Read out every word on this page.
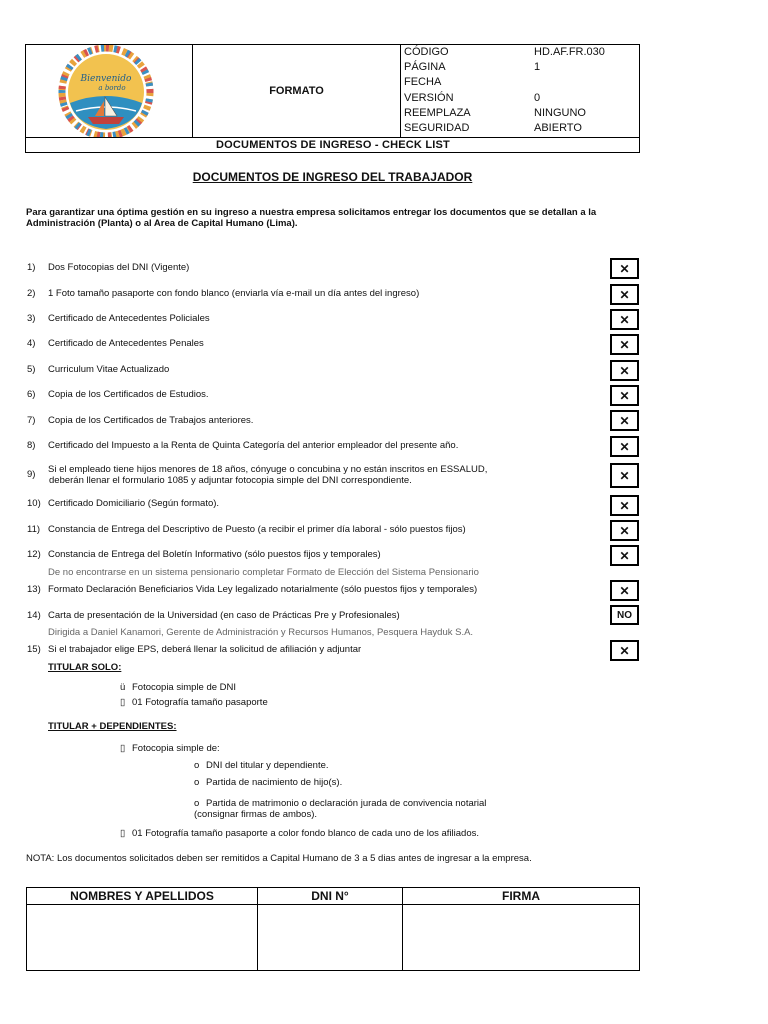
Bienvenido
a bordo	FORMATO
CÓDIGO	HD.AF.FR.030
PÁGINA	1
FECHA
VERSIÓN	0
REEMPLAZA	NINGUNO
SEGURIDAD	ABIERTO
DOCUMENTOS DE INGRESO - CHECK LIST
DOCUMENTOS DE INGRESO DEL TRABAJADOR
Para garantizar una óptima gestión en su ingreso a nuestra empresa solicitamos entregar los documentos que se detallan a la Administración (Planta) o al Area de Capital Humano (Lima).
1)	Dos Fotocopias del DNI (Vigente)	✕
2)	1 Foto tamaño pasaporte con fondo blanco (enviarla vía e-mail un día antes del ingreso)	✕
3)	Certificado de Antecedentes Policiales	✕
4)	Certificado de Antecedentes Penales	✕
5)	Curriculum Vitae Actualizado	✕
6)	Copia de los Certificados de Estudios.	✕
7)	Copia de los Certificados de Trabajos anteriores.	✕
8)	Certificado del Impuesto a la Renta de Quinta Categoría del anterior empleador del presente año.	✕
9)	Si el empleado tiene hijos menores de 18 años, cónyuge o concubina y no están inscritos en ESSALUD,
deberán llenar el formulario 1085 y adjuntar fotocopia simple del DNI correspondiente.	✕
10) Certificado Domiciliario (Según formato).	✕
11) Constancia de Entrega del Descriptivo de Puesto (a recibir el primer día laboral - sólo puestos fijos)	✕
12) Constancia de Entrega del Boletín Informativo (sólo puestos fijos y temporales)	✕
De no encontrarse en un sistema pensionario completar Formato de Elección del Sistema Pensionario
13) Formato Declaración Beneficiarios Vida Ley legalizado notarialmente (sólo puestos fijos y temporales)	✕
14) Carta de presentación de la Universidad (en caso de Prácticas Pre y Profesionales)	NO
Dirigida a Daniel Kanamori, Gerente de Administración y Recursos Humanos, Pesquera Hayduk S.A.
15) Si el trabajador elige EPS, deberá llenar la solicitud de afiliación y adjuntar	✕
TITULAR SOLO:
ü Fotocopia simple de DNI
▯ 01 Fotografía tamaño pasaporte
TITULAR + DEPENDIENTES:
▯ Fotocopia simple de:
o DNI del titular y dependiente.
o Partida de nacimiento de hijo(s).
o Partida de matrimonio o declaración jurada de convivencia notarial
(consignar firmas de ambos).
▯ 01 Fotografía tamaño pasaporte a color fondo blanco de cada uno de los afiliados.
NOTA: Los documentos solicitados deben ser remitidos a Capital Humano de 3 a 5 dias antes de ingresar a la empresa.
NOMBRES Y APELLIDOS	DNI N°	FIRMA
